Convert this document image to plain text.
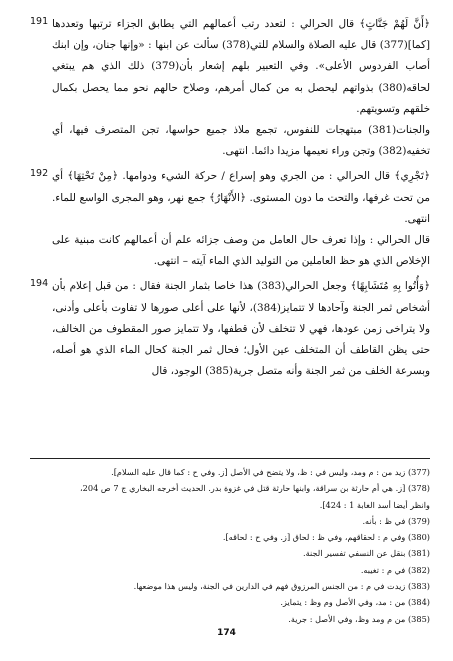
191 ﴿أَنَّ لَهُمْ جَنَّاتٍ﴾ قال الحرالي : لتعدد رتب أعمالهم التي يطابق الجزاء ترتبها وتعددها [كما](377) قال عليه الصلاة والسلام للتي(378) سألت عن ابنها : «وإنها جنان، وإن ابنك أصاب الفردوس الأعلى». وفي التعبير بلهم إشعار بأن(379) ذلك الذي هم يبتغي لحاقه(380) بذواتهم ليحصل به من كمال أمرهم، وصلاح حالهم نحو مما يحصل بكمال خلقهم وتسويتهم.

والجنات(381) مبتهجات للنفوس، تجمع ملاذ جميع حواسها، تجن المتصرف فيها، أي تخفيه(382) وتجن وراء نعيمها مزيدا دائما. انتهى.

192 ﴿تَجْرِي﴾ قال الحرالي : من الجري وهو إسراع / حركة الشيء ودوامها. ﴿مِنْ تَحْتِهَا﴾ أي من تحت غرفها، والتحت ما دون المستوى. ﴿الأَنْهَارُ﴾ جمع نهر، وهو المجرى الواسع للماء. انتهى.

قال الحرالي : وإذا تعرف حال العامل من وصف جزائه علم أن أعمالهم كانت مبنية على الإخلاص الذي هو حظ العاملين من التوليد الذي الماء آيته – انتهى.

194 ﴿وَأُتُوا بِهِ مُتَشَابِهًا﴾ وجعل الحرالي(383) هذا خاصا بثمار الجنة فقال : من قبل إعلام بأن أشخاص ثمر الجنة وآحادها لا تتمايز(384)، لأنها على أعلى صورها لا تفاوت بأعلى وأدنى، ولا يتراخى زمن عودها، فهي لا تتخلف لأن قطفها، ولا تتمايز صور المقطوف من الخالف، حتى يظن القاطف أن المتخلف عين الأول؛ فحال ثمر الجنة كحال الماء الذي هو أصله، وبسرعة الخلف من ثمر الجنة وأنه متصل جرية(385) الوجود، قال

(377) زيد من : م ومد، وليس في : ظ، ولا يتضح في الأصل [ز. وفي ح : كما قال عليه السلام].

(378) [ز. هي أم حارثة بن سراقة، وابنها حارثة قتل في غزوة بدر. الحديث أخرجه البخاري ج 7 ص 204،

وانظر أيضا أسد الغابة 1 : 424].

(379) في ظ : بأنه.

(380) وفي م : لحقاقهم، وفي ظ : لحاق [ز. وفي ح : لحاقه].

(381) بنقل عن النسفي تفسير الجنة.

(382) في م : تغيبه.

(383) زيدت في م : من الجنس المرزوق فهم في الدارين في الجنة، وليس هذا موضعها.

(384) من : مد، وفي الأصل وم وظ : يتمايز.

(385) من م ومد وظ، وفي الأصل : جرية.

174
